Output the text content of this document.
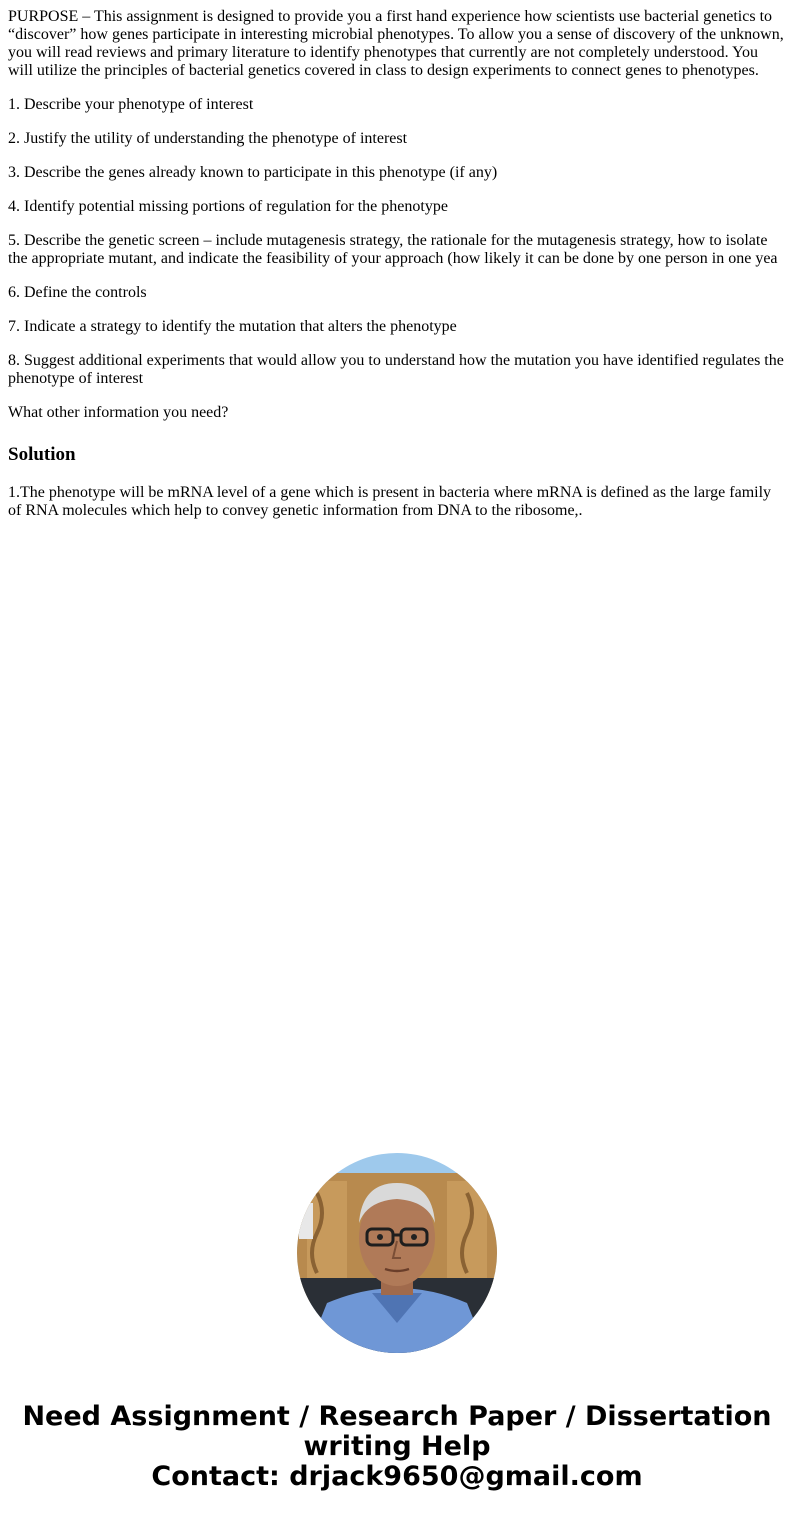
PURPOSE – This assignment is designed to provide you a first hand experience how scientists use bacterial genetics to “discover” how genes participate in interesting microbial phenotypes. To allow you a sense of discovery of the unknown, you will read reviews and primary literature to identify phenotypes that currently are not completely understood. You will utilize the principles of bacterial genetics covered in class to design experiments to connect genes to phenotypes.

1. Describe your phenotype of interest

2. Justify the utility of understanding the phenotype of interest

3. Describe the genes already known to participate in this phenotype (if any)

4. Identify potential missing portions of regulation for the phenotype

5. Describe the genetic screen – include mutagenesis strategy, the rationale for the mutagenesis strategy, how to isolate the appropriate mutant, and indicate the feasibility of your approach (how likely it can be done by one person in one yea

6. Define the controls

7. Indicate a strategy to identify the mutation that alters the phenotype

8. Suggest additional experiments that would allow you to understand how the mutation you have identified regulates the phenotype of interest

What other information you need?

Solution

1.The phenotype will be mRNA level of a gene which is present in bacteria where mRNA is defined as the large family of RNA molecules which help to convey genetic information from DNA to the ribosome,.

Need Assignment / Research Paper / Dissertation
writing Help
Contact: drjack9650@gmail.com
